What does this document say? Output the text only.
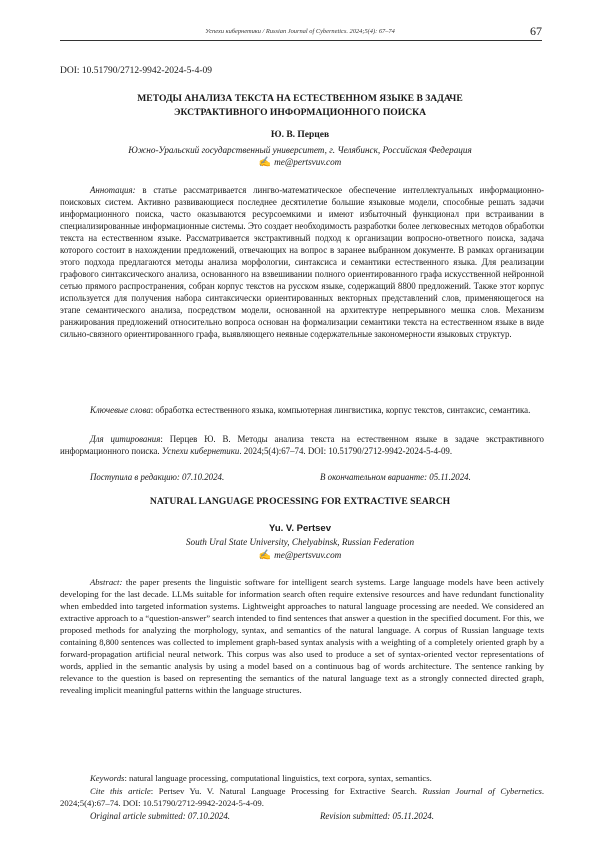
Успехи кибернетики / Russian Journal of Cybernetics. 2024;5(4): 67–74	67
DOI: 10.51790/2712-9942-2024-5-4-09
МЕТОДЫ АНАЛИЗА ТЕКСТА НА ЕСТЕСТВЕННОМ ЯЗЫКЕ В ЗАДАЧЕ
ЭКСТРАКТИВНОГО ИНФОРМАЦИОННОГО ПОИСКА
Ю. В. Перцев
Южно-Уральский государственный университет, г. Челябинск, Российская Федерация
✍ me@pertsvuv.com

Аннотация: в статье рассматривается лингво-математическое обеспечение интеллектуальных информационно-поисковых систем. Активно развивающиеся последнее десятилетие большие языковые модели, способные решать задачи информационного поиска, часто оказываются ресурсоемкими и имеют избыточный функционал при встраивании в специализированные информационные системы. Это создает необходимость разработки более легковесных методов обработки текста на естественном языке. Рассматривается экстрактивный подход к организации вопросно-ответного поиска, задача которого состоит в нахождении предложений, отвечающих на вопрос в заранее выбранном документе. В рамках организации этого подхода предлагаются методы анализа морфологии, синтаксиса и семантики естественного языка. Для реализации графового синтаксического анализа, основанного на взвешивании полного ориентированного графа искусственной нейронной сетью прямого распространения, собран корпус текстов на русском языке, содержащий 8800 предложений. Также этот корпус используется для получения набора синтаксически ориентированных векторных представлений слов, применяющегося на этапе семантического анализа, посредством модели, основанной на архитектуре непрерывного мешка слов. Механизм ранжирования предложений относительно вопроса основан на формализации семантики текста на естественном языке в виде сильно-связного ориентированного графа, выявляющего неявные содержательные закономерности языковых структур.

Ключевые слова: обработка естественного языка, компьютерная лингвистика, корпус текстов, синтаксис, семантика.

Для цитирования: Перцев Ю. В. Методы анализа текста на естественном языке в задаче экстрактивного информационного поиска. Успехи кибернетики. 2024;5(4):67–74. DOI: 10.51790/2712-9942-2024-5-4-09.

Поступила в редакцию: 07.10.2024.	В окончательном варианте: 05.11.2024.
NATURAL LANGUAGE PROCESSING FOR EXTRACTIVE SEARCH
Yu. V. Pertsev
South Ural State University, Chelyabinsk, Russian Federation
✍ me@pertsvuv.com

Abstract: the paper presents the linguistic software for intelligent search systems. Large language models have been actively developing for the last decade. LLMs suitable for information search often require extensive resources and have redundant functionality when embedded into targeted information systems. Lightweight approaches to natural language processing are needed. We considered an extractive approach to a “question-answer” search intended to find sentences that answer a question in the specified document. For this, we proposed methods for analyzing the morphology, syntax, and semantics of the natural language. A corpus of Russian language texts containing 8,800 sentences was collected to implement graph-based syntax analysis with a weighting of a completely oriented graph by a forward-propagation artificial neural network. This corpus was also used to produce a set of syntax-oriented vector representations of words, applied in the semantic analysis by using a model based on a continuous bag of words architecture. The sentence ranking by relevance to the question is based on representing the semantics of the natural language text as a strongly connected directed graph, revealing implicit meaningful patterns within the language structures.

Keywords: natural language processing, computational linguistics, text corpora, syntax, semantics.

Cite this article: Pertsev Yu. V. Natural Language Processing for Extractive Search. Russian Journal of Cybernetics. 2024;5(4):67–74. DOI: 10.51790/2712-9942-2024-5-4-09.

Original article submitted: 07.10.2024.	Revision submitted: 05.11.2024.
